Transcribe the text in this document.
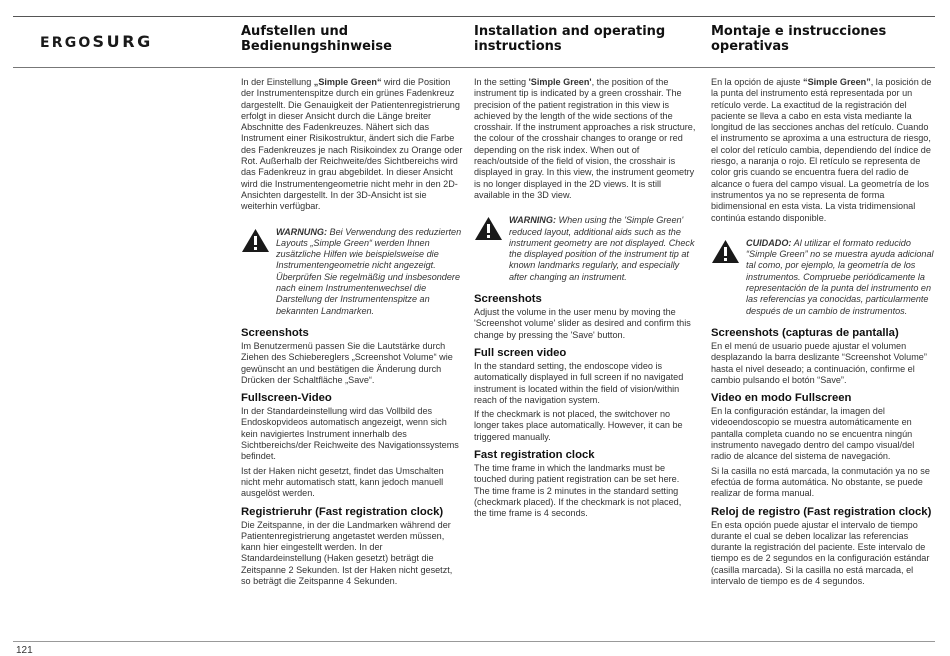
ERGOSURG
Aufstellen und Bedienungshinweise

In der Einstellung „Simple Green“ wird die Position der Instrumentenspitze durch ein grünes Fadenkreuz dargestellt. Die Genauigkeit der Patientenregistrierung erfolgt in dieser Ansicht durch die Länge breiter Abschnitte des Fadenkreuzes. Nähert sich das Instrument einer Risikostruktur, ändert sich die Farbe des Fadenkreuzes je nach Risikoindex zu Orange oder Rot. Außerhalb der Reichweite/des Sichtbereichs wird das Fadenkreuz in grau abgebildet. In dieser Ansicht wird die Instrumentengeometrie nicht mehr in den 2D-Ansichten dargestellt. In der 3D-Ansicht ist sie weiterhin verfügbar.

WARNUNG: Bei Verwendung des reduzierten Layouts „Simple Green“ werden Ihnen zusätzliche Hilfen wie beispielsweise die Instrumentengeometrie nicht angezeigt. Überprüfen Sie regelmäßig und insbesondere nach einem Instrumentenwechsel die Darstellung der Instrumentenspitze an bekannten Landmarken.
Screenshots

Im Benutzermenü passen Sie die Lautstärke durch Ziehen des Schiebereglers „Screenshot Volume“ wie gewünscht an und bestätigen die Änderung durch Drücken der Schaltfläche „Save“.

Fullscreen-Video

In der Standardeinstellung wird das Vollbild des Endoskopvideos automatisch angezeigt, wenn sich kein navigiertes Instrument innerhalb des Sichtbereichs/der Reichweite des Navigationssystems befindet.

Ist der Haken nicht gesetzt, findet das Umschalten nicht mehr automatisch statt, kann jedoch manuell ausgelöst werden.

Registrieruhr (Fast registration clock)

Die Zeitspanne, in der die Landmarken während der Patientenregistrierung angetastet werden müssen, kann hier eingestellt werden. In der Standardeinstellung (Haken gesetzt) beträgt die Zeitspanne 2 Sekunden. Ist der Haken nicht gesetzt, so beträgt die Zeitspanne 4 Sekunden.

Installation and operating instructions

In the setting 'Simple Green', the position of the instrument tip is indicated by a green crosshair. The precision of the patient registration in this view is achieved by the length of the wide sections of the crosshair. If the instrument approaches a risk structure, the colour of the crosshair changes to orange or red depending on the risk index. When out of reach/outside of the field of vision, the crosshair is displayed in gray. In this view, the instrument geometry is no longer displayed in the 2D views. It is still available in the 3D view.

WARNING: When using the 'Simple Green' reduced layout, additional aids such as the instrument geometry are not displayed. Check the displayed position of the instrument tip at known landmarks regularly, and especially after changing an instrument.
Screenshots

Adjust the volume in the user menu by moving the 'Screenshot volume' slider as desired and confirm this change by pressing the 'Save' button.

Full screen video

In the standard setting, the endoscope video is automatically displayed in full screen if no navigated instrument is located within the field of vision/within reach of the navigation system.

If the checkmark is not placed, the switchover no longer takes place automatically. However, it can be triggered manually.

Fast registration clock

The time frame in which the landmarks must be touched during patient registration can be set here. The time frame is 2 minutes in the standard setting (checkmark placed). If the checkmark is not placed, the time frame is 4 seconds.

Montaje e instrucciones operativas

En la opción de ajuste “Simple Green”, la posición de la punta del instrumento está representada por un retículo verde. La exactitud de la registración del paciente se lleva a cabo en esta vista mediante la longitud de las secciones anchas del retículo. Cuando el instrumento se aproxima a una estructura de riesgo, el color del retículo cambia, dependiendo del índice de riesgo, a naranja o rojo. El retículo se representa de color gris cuando se encuentra fuera del radio de alcance o fuera del campo visual. La geometría de los instrumentos ya no se representa de forma bidimensional en esta vista. La vista tridimensional continúa estando disponible.

CUIDADO: Al utilizar el formato reducido “Simple Green” no se muestra ayuda adicional tal como, por ejemplo, la geometría de los instrumentos. Compruebe periódicamente la representación de la punta del instrumento en las referencias ya conocidas, particularmente después de un cambio de instrumentos.
Screenshots (capturas de pantalla)

En el menú de usuario puede ajustar el volumen desplazando la barra deslizante “Screenshot Volume” hasta el nivel deseado; a continuación, confirme el cambio pulsando el botón “Save”.

Video en modo Fullscreen

En la configuración estándar, la imagen del videoendoscopio se muestra automáticamente en pantalla completa cuando no se encuentra ningún instrumento navegado dentro del campo visual/del radio de alcance del sistema de navegación.

Si la casilla no está marcada, la conmutación ya no se efectúa de forma automática. No obstante, se puede realizar de forma manual.

Reloj de registro (Fast registration clock)

En esta opción puede ajustar el intervalo de tiempo durante el cual se deben localizar las referencias durante la registración del paciente. Este intervalo de tiempo es de 2 segundos en la configuración estándar (casilla marcada). Si la casilla no está marcada, el intervalo de tiempo es de 4 segundos.

121
